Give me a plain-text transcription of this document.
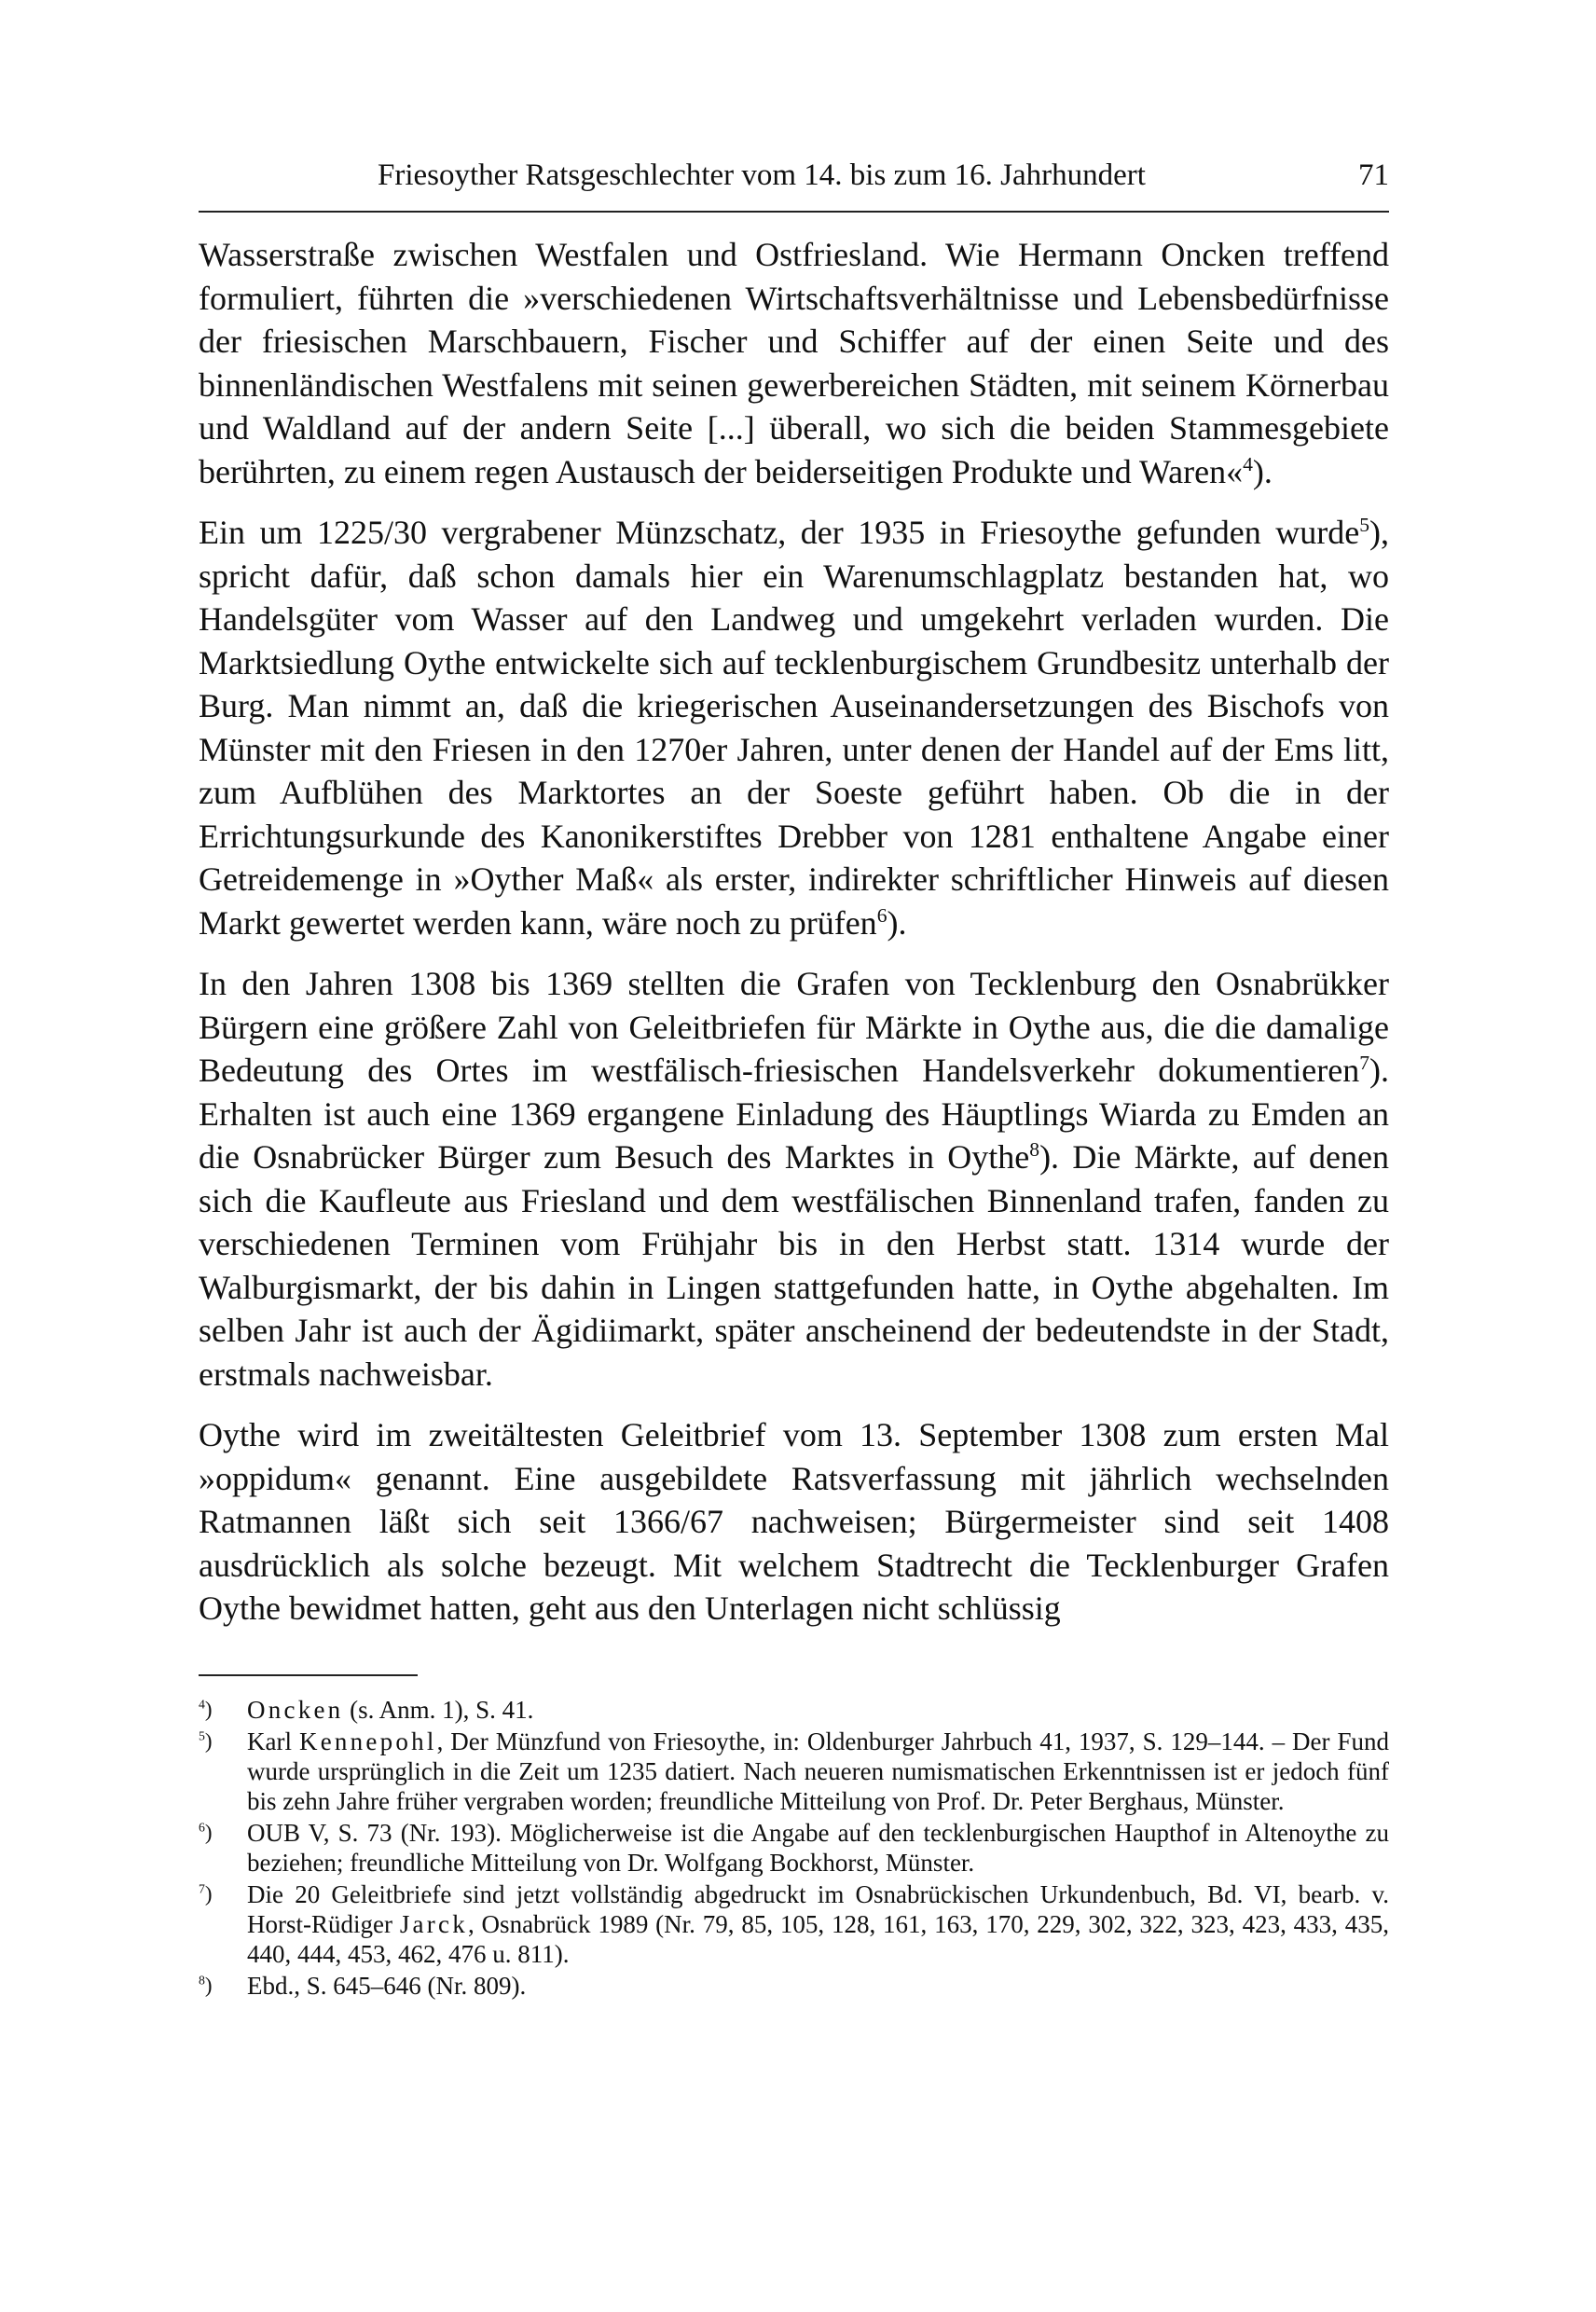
Friesoyther Ratsgeschlechter vom 14. bis zum 16. Jahrhundert	71

Wasserstraße zwischen Westfalen und Ostfriesland. Wie Hermann Oncken treffend formuliert, führten die »verschiedenen Wirtschaftsverhältnisse und Lebensbedürfnisse der friesischen Marschbauern, Fischer und Schiffer auf der einen Seite und des binnenländischen Westfalens mit seinen gewerbereichen Städten, mit seinem Körnerbau und Waldland auf der andern Seite [...] überall, wo sich die beiden Stammesgebiete berührten, zu einem regen Austausch der beiderseitigen Produkte und Waren«$^4$).

Ein um 1225/30 vergrabener Münzschatz, der 1935 in Friesoythe gefunden wurde$^5$), spricht dafür, daß schon damals hier ein Warenumschlagplatz bestanden hat, wo Handelsgüter vom Wasser auf den Landweg und umgekehrt verladen wurden. Die Marktsiedlung Oythe entwickelte sich auf tecklenburgischem Grundbesitz unterhalb der Burg. Man nimmt an, daß die kriegerischen Auseinandersetzungen des Bischofs von Münster mit den Friesen in den 1270er Jahren, unter denen der Handel auf der Ems litt, zum Aufblühen des Marktortes an der Soeste geführt haben. Ob die in der Errichtungsurkunde des Kanonikerstiftes Drebber von 1281 enthaltene Angabe einer Getreidemenge in »Oyther Maß« als erster, indirekter schriftlicher Hinweis auf diesen Markt gewertet werden kann, wäre noch zu prüfen$^6$).

In den Jahren 1308 bis 1369 stellten die Grafen von Tecklenburg den Osnabrükker Bürgern eine größere Zahl von Geleitbriefen für Märkte in Oythe aus, die die damalige Bedeutung des Ortes im westfälisch-friesischen Handelsverkehr dokumentieren$^7$). Erhalten ist auch eine 1369 ergangene Einladung des Häuptlings Wiarda zu Emden an die Osnabrücker Bürger zum Besuch des Marktes in Oythe$^8$). Die Märkte, auf denen sich die Kaufleute aus Friesland und dem westfälischen Binnenland trafen, fanden zu verschiedenen Terminen vom Frühjahr bis in den Herbst statt. 1314 wurde der Walburgismarkt, der bis dahin in Lingen stattgefunden hatte, in Oythe abgehalten. Im selben Jahr ist auch der Ägidiimarkt, später anscheinend der bedeutendste in der Stadt, erstmals nachweisbar.

Oythe wird im zweitältesten Geleitbrief vom 13. September 1308 zum ersten Mal »oppidum« genannt. Eine ausgebildete Ratsverfassung mit jährlich wechselnden Ratmannen läßt sich seit 1366/67 nachweisen; Bürgermeister sind seit 1408 ausdrücklich als solche bezeugt. Mit welchem Stadtrecht die Tecklenburger Grafen Oythe bewidmet hatten, geht aus den Unterlagen nicht schlüssig

$^4$)	Oncken (s. Anm. 1), S. 41.
$^5$)	Karl Kennepohl, Der Münzfund von Friesoythe, in: Oldenburger Jahrbuch 41, 1937, S. 129–144. – Der Fund wurde ursprünglich in die Zeit um 1235 datiert. Nach neueren numismatischen Erkenntnissen ist er jedoch fünf bis zehn Jahre früher vergraben worden; freundliche Mitteilung von Prof. Dr. Peter Berghaus, Münster.
$^6$)	OUB V, S. 73 (Nr. 193). Möglicherweise ist die Angabe auf den tecklenburgischen Haupthof in Altenoythe zu beziehen; freundliche Mitteilung von Dr. Wolfgang Bockhorst, Münster.
$^7$)	Die 20 Geleitbriefe sind jetzt vollständig abgedruckt im Osnabrückischen Urkundenbuch, Bd. VI, bearb. v. Horst-Rüdiger Jarck, Osnabrück 1989 (Nr. 79, 85, 105, 128, 161, 163, 170, 229, 302, 322, 323, 423, 433, 435, 440, 444, 453, 462, 476 u. 811).
$^8$)	Ebd., S. 645–646 (Nr. 809).
